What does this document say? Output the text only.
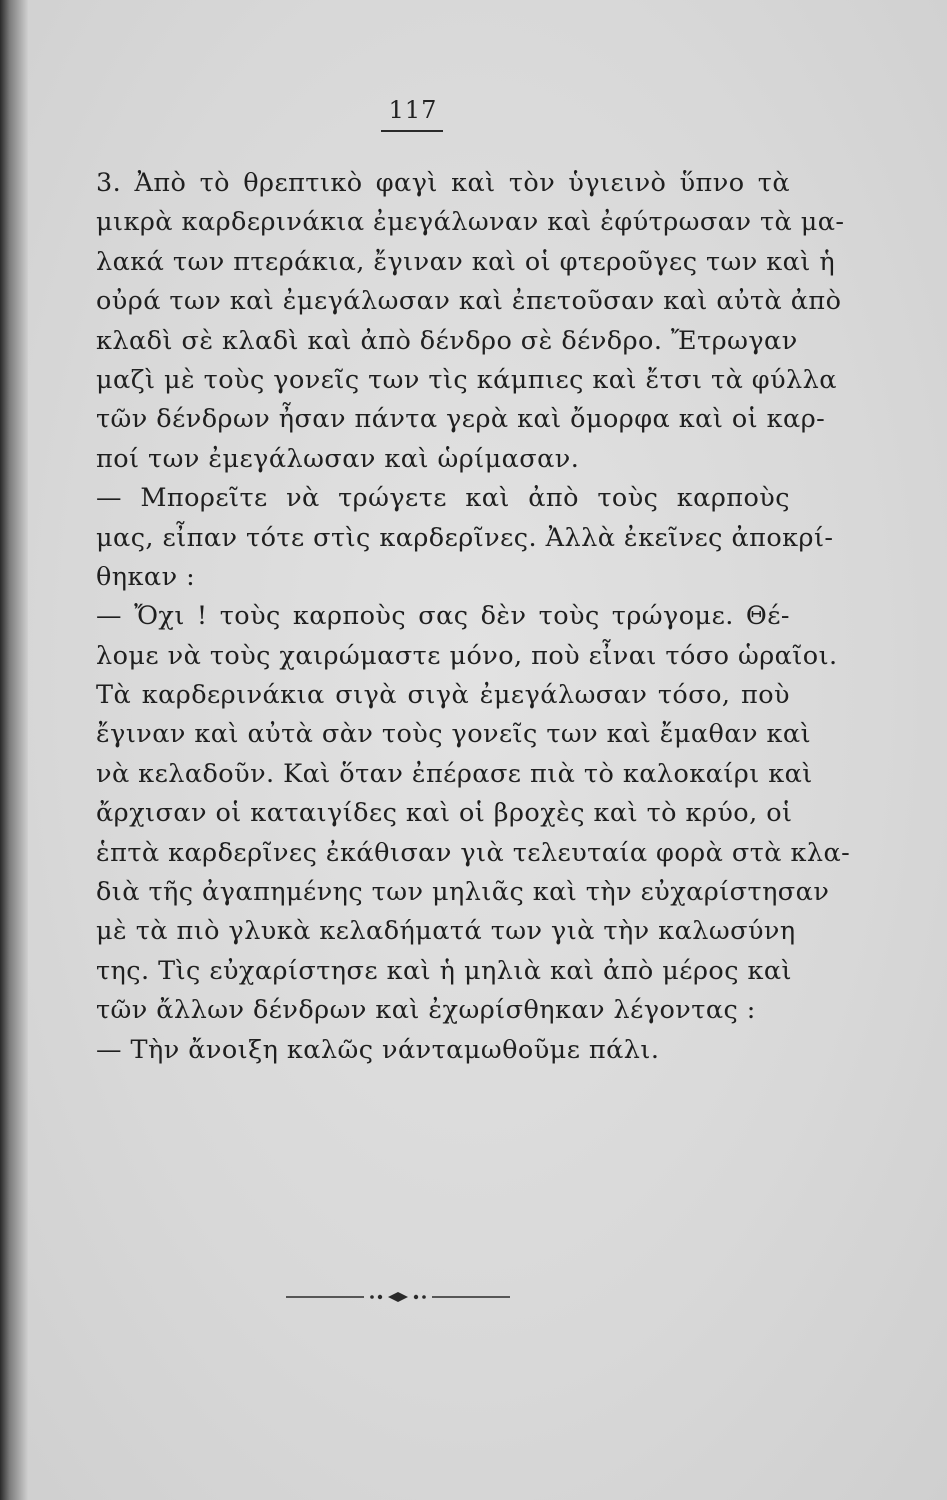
117
3. Ἀπὸ τὸ θρεπτικὸ φαγὶ καὶ τὸν ὑγιεινὸ ὕπνο τὰ
μικρὰ καρδερινάκια ἐμεγάλωναν καὶ ἐφύτρωσαν τὰ μα-
λακά των πτεράκια, ἔγιναν καὶ οἱ φτεροῦγες των καὶ ἡ
οὐρά των καὶ ἐμεγάλωσαν καὶ ἐπετοῦσαν καὶ αὐτὰ ἀπὸ
κλαδὶ σὲ κλαδὶ καὶ ἀπὸ δένδρο σὲ δένδρο. Ἔτρωγαν
μαζὶ μὲ τοὺς γονεῖς των τὶς κάμπιες καὶ ἔτσι τὰ φύλλα
τῶν δένδρων ἦσαν πάντα γερὰ καὶ ὄμορφα καὶ οἱ καρ-
ποί των ἐμεγάλωσαν καὶ ὡρίμασαν.
— Μπορεῖτε νὰ τρώγετε καὶ ἀπὸ τοὺς καρποὺς
μας, εἶπαν τότε στὶς καρδερῖνες. Ἀλλὰ ἐκεῖνες ἀποκρί-
θηκαν :
— Ὄχι ! τοὺς καρποὺς σας δὲν τοὺς τρώγομε. Θέ-
λομε νὰ τοὺς χαιρώμαστε μόνο, ποὺ εἶναι τόσο ὡραῖοι.
Τὰ καρδερινάκια σιγὰ σιγὰ ἐμεγάλωσαν τόσο, ποὺ
ἔγιναν καὶ αὐτὰ σὰν τοὺς γονεῖς των καὶ ἔμαθαν καὶ
νὰ κελαδοῦν. Καὶ ὅταν ἐπέρασε πιὰ τὸ καλοκαίρι καὶ
ἄρχισαν οἱ καταιγίδες καὶ οἱ βροχὲς καὶ τὸ κρύο, οἱ
ἑπτὰ καρδερῖνες ἐκάθισαν γιὰ τελευταία φορὰ στὰ κλα-
διὰ τῆς ἀγαπημένης των μηλιᾶς καὶ τὴν εὐχαρίστησαν
μὲ τὰ πιὸ γλυκὰ κελαδήματά των γιὰ τὴν καλωσύνη
της. Τὶς εὐχαρίστησε καὶ ἡ μηλιὰ καὶ ἀπὸ μέρος καὶ
τῶν ἄλλων δένδρων καὶ ἐχωρίσθηκαν λέγοντας :
— Τὴν ἄνοιξη καλῶς νάνταμωθοῦμε πάλι.
